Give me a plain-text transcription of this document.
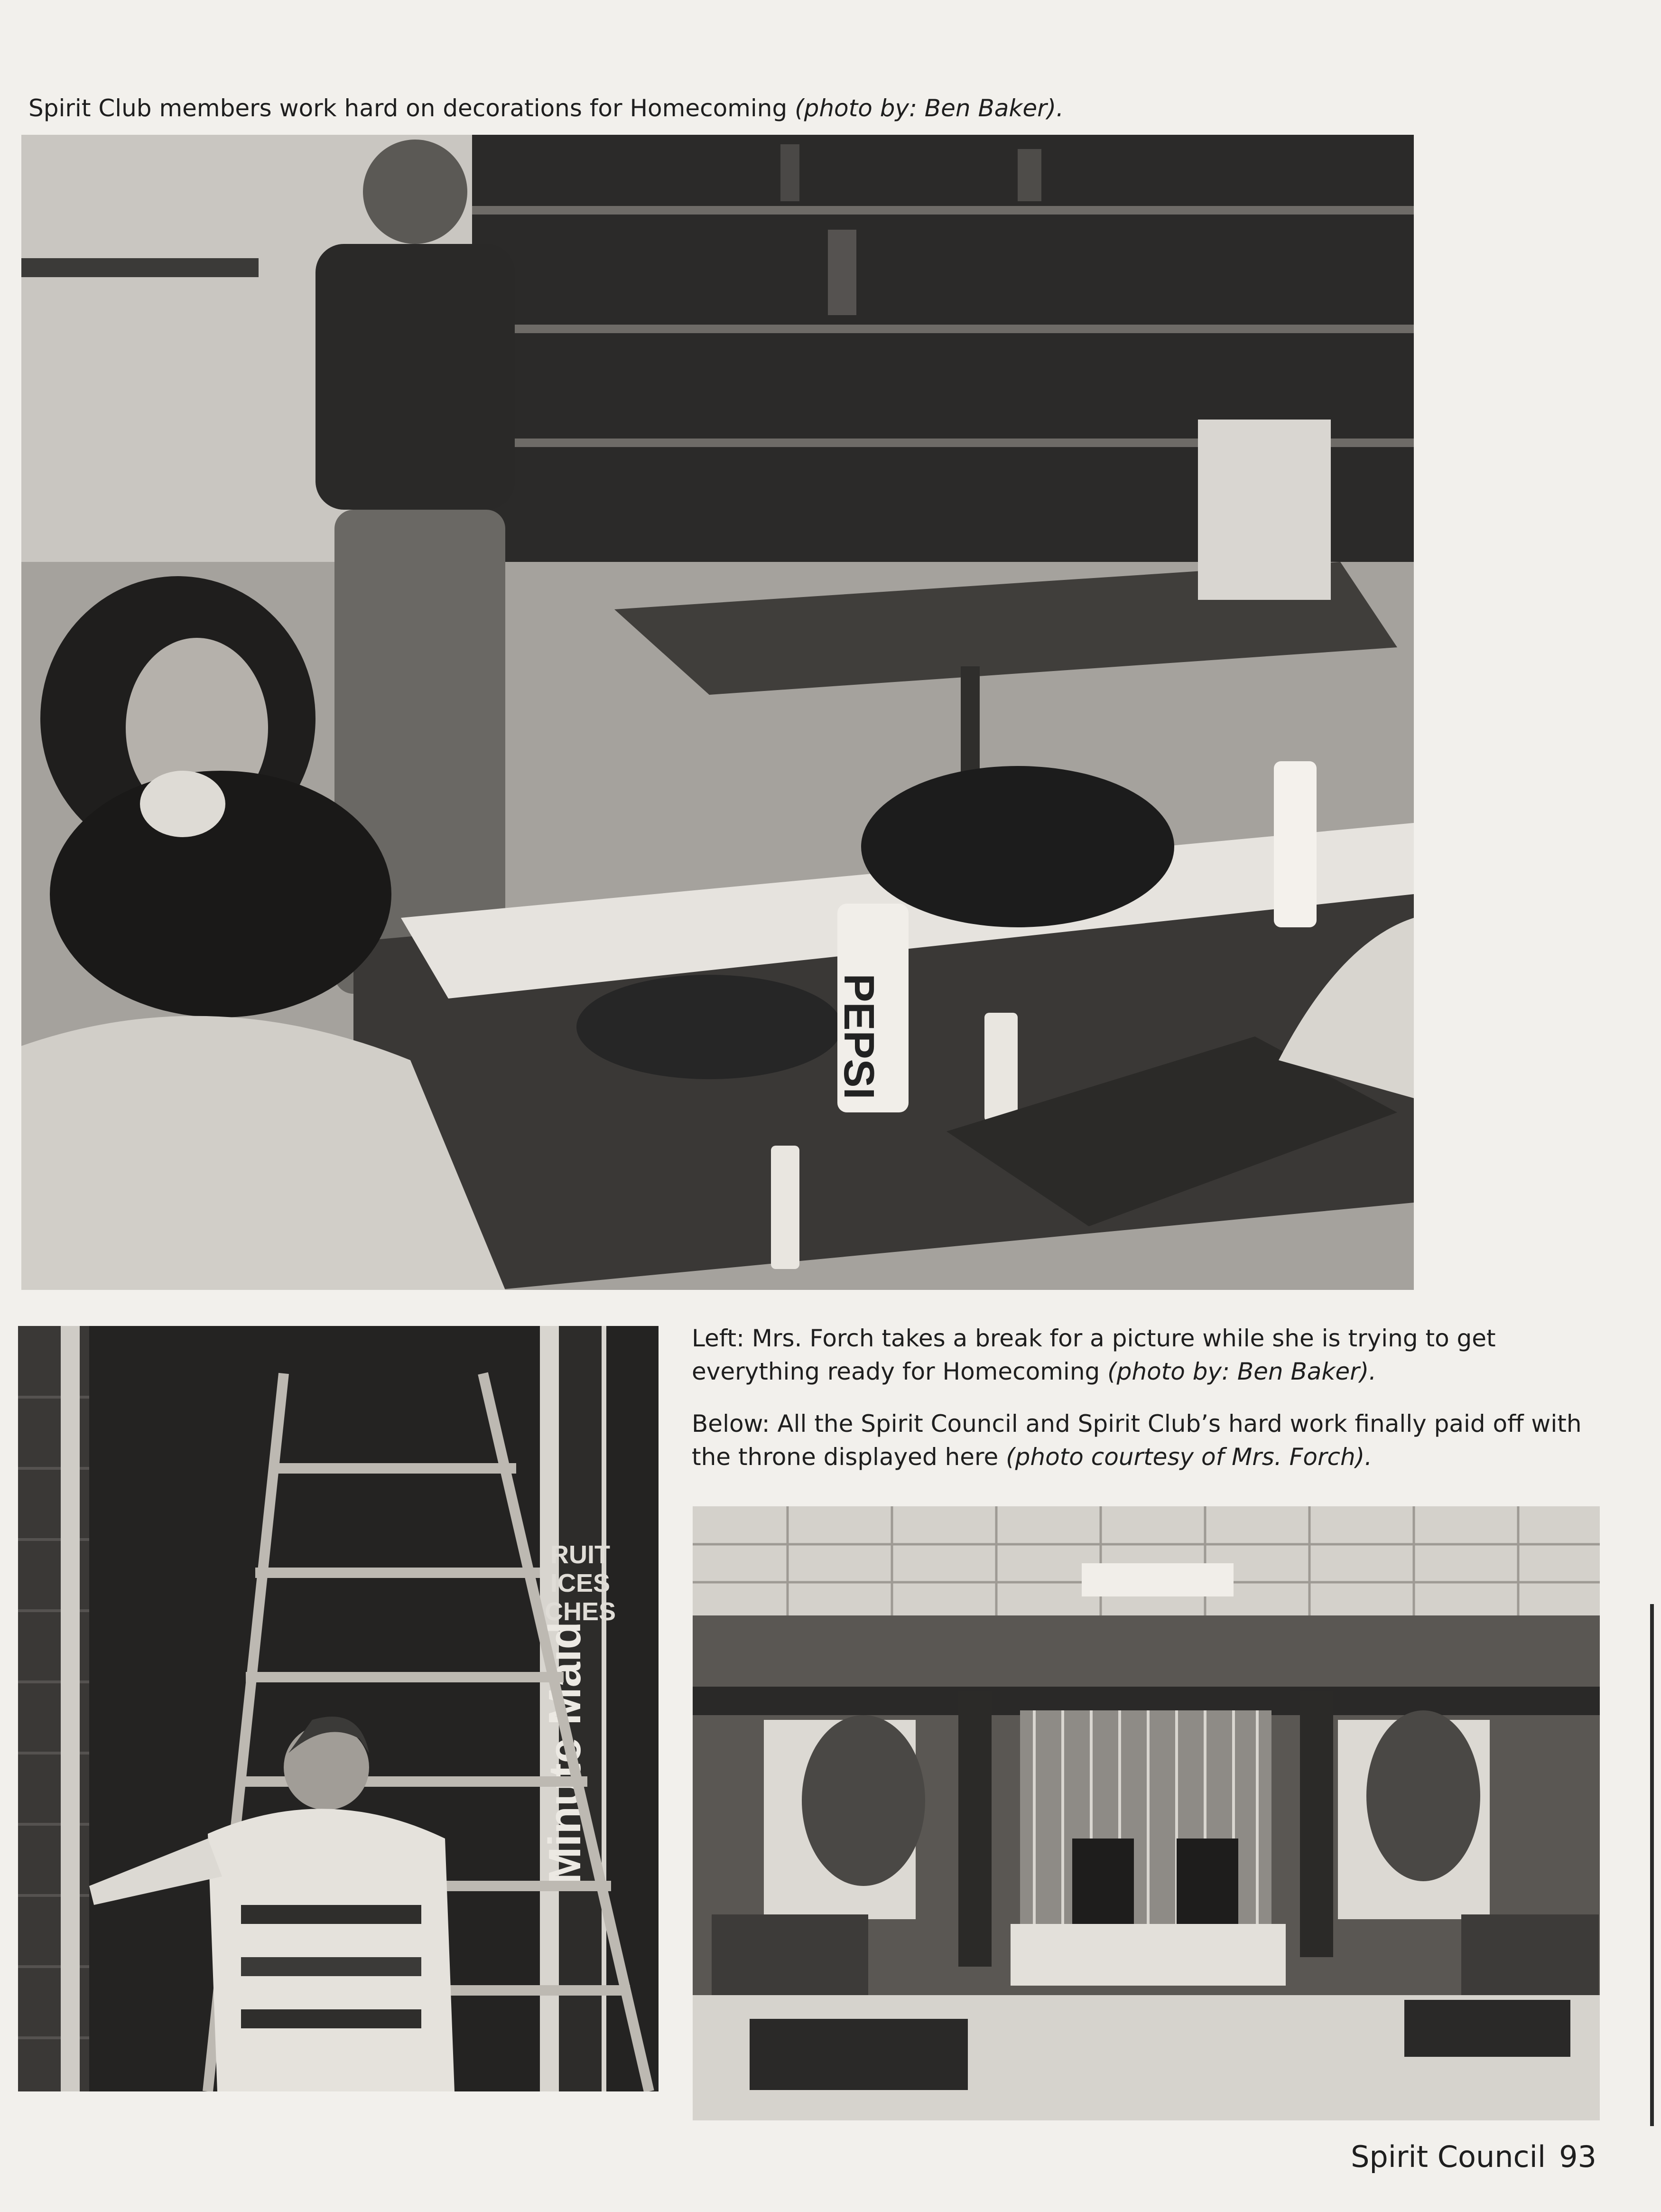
Spirit Club members work hard on decorations for Homecoming (photo by: Ben Baker).
PEPSI
RUIT
ICES
CHES
Minute Maid
Left: Mrs. Forch takes a break for a picture while she is trying to get everything ready for Homecoming (photo by: Ben Baker).
Below: All the Spirit Council and Spirit Club’s hard work finally paid off with the throne displayed here (photo courtesy of Mrs. Forch).
Spirit Council 93
